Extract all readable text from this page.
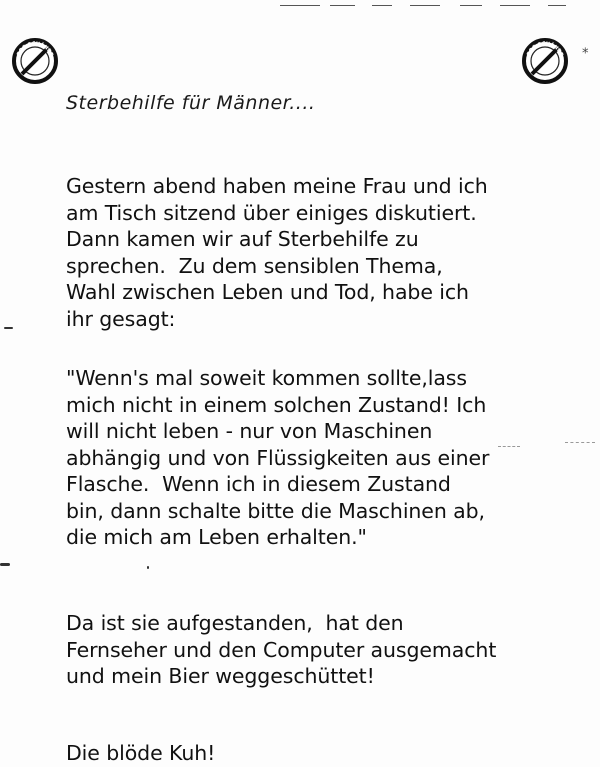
POF-SCHÄNDE	POF-SCHÄNDE ⁎
Sterbehilfe für Männer....
Gestern abend haben meine Frau und ich
am Tisch sitzend über einiges diskutiert.
Dann kamen wir auf Sterbehilfe zu
sprechen.  Zu dem sensiblen Thema,
Wahl zwischen Leben und Tod, habe ich
ihr gesagt:
"Wenn's mal soweit kommen sollte,lass
mich nicht in einem solchen Zustand! Ich
will nicht leben - nur von Maschinen
abhängig und von Flüssigkeiten aus einer
Flasche.  Wenn ich in diesem Zustand
bin, dann schalte bitte die Maschinen ab,
die mich am Leben erhalten."
Da ist sie aufgestanden,  hat den
Fernseher und den Computer ausgemacht
und mein Bier weggeschüttet!
Die blöde Kuh!
